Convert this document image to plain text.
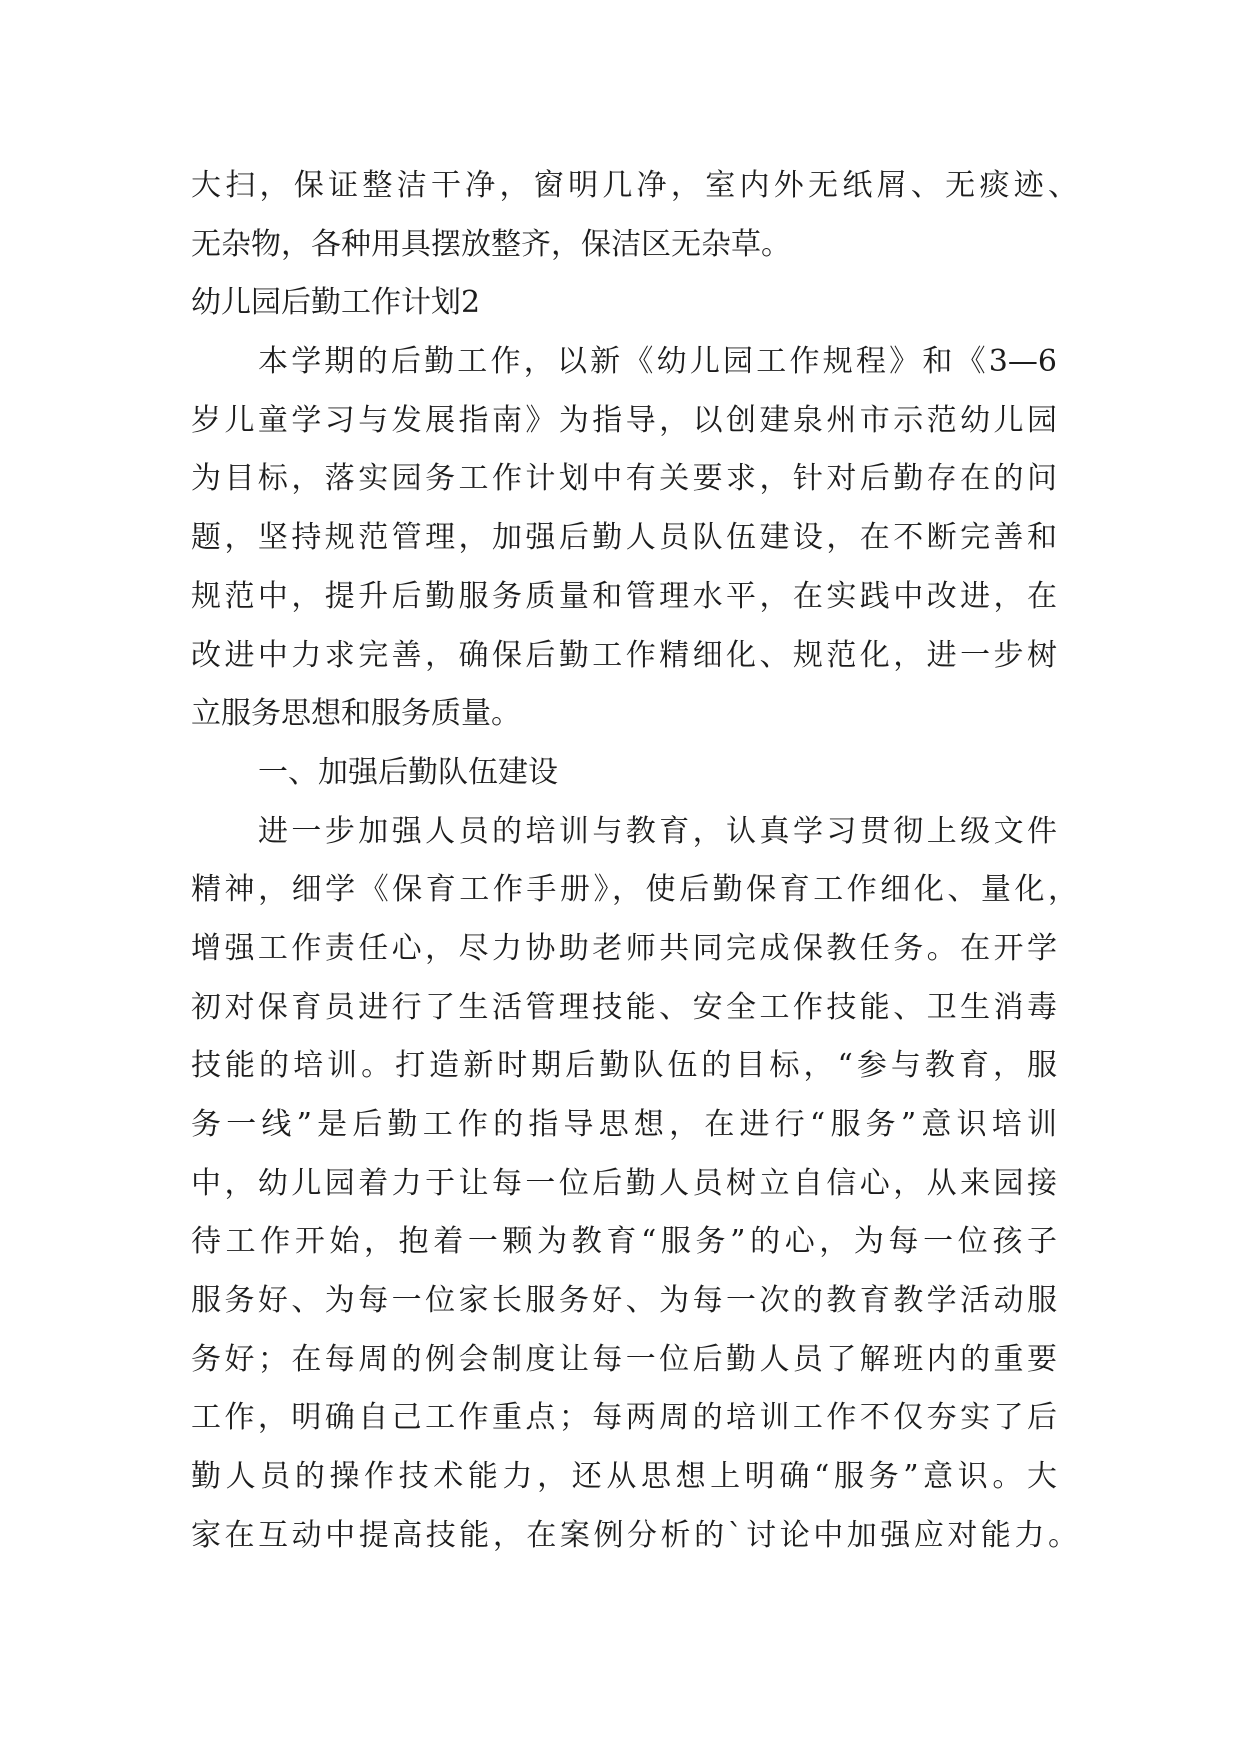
大扫，保证整洁干净，窗明几净，室内外无纸屑、无痰迹、
无杂物，各种用具摆放整齐，保洁区无杂草。
幼儿园后勤工作计划2
本学期的后勤工作，以新《幼儿园工作规程》和《3—6
岁儿童学习与发展指南》为指导，以创建泉州市示范幼儿园
为目标，落实园务工作计划中有关要求，针对后勤存在的问
题，坚持规范管理，加强后勤人员队伍建设，在不断完善和
规范中，提升后勤服务质量和管理水平，在实践中改进，在
改进中力求完善，确保后勤工作精细化、规范化，进一步树
立服务思想和服务质量。
一、加强后勤队伍建设
进一步加强人员的培训与教育，认真学习贯彻上级文件
精神，细学《保育工作手册》，使后勤保育工作细化、量化，
增强工作责任心，尽力协助老师共同完成保教任务。在开学
初对保育员进行了生活管理技能、安全工作技能、卫生消毒
技能的培训。打造新时期后勤队伍的目标，“参与教育，服
务一线”是后勤工作的指导思想，在进行“服务”意识培训
中，幼儿园着力于让每一位后勤人员树立自信心，从来园接
待工作开始，抱着一颗为教育“服务”的心，为每一位孩子
服务好、为每一位家长服务好、为每一次的教育教学活动服
务好；在每周的例会制度让每一位后勤人员了解班内的重要
工作，明确自己工作重点；每两周的培训工作不仅夯实了后
勤人员的操作技术能力，还从思想上明确“服务”意识。大
家在互动中提高技能，在案例分析的`讨论中加强应对能力。
